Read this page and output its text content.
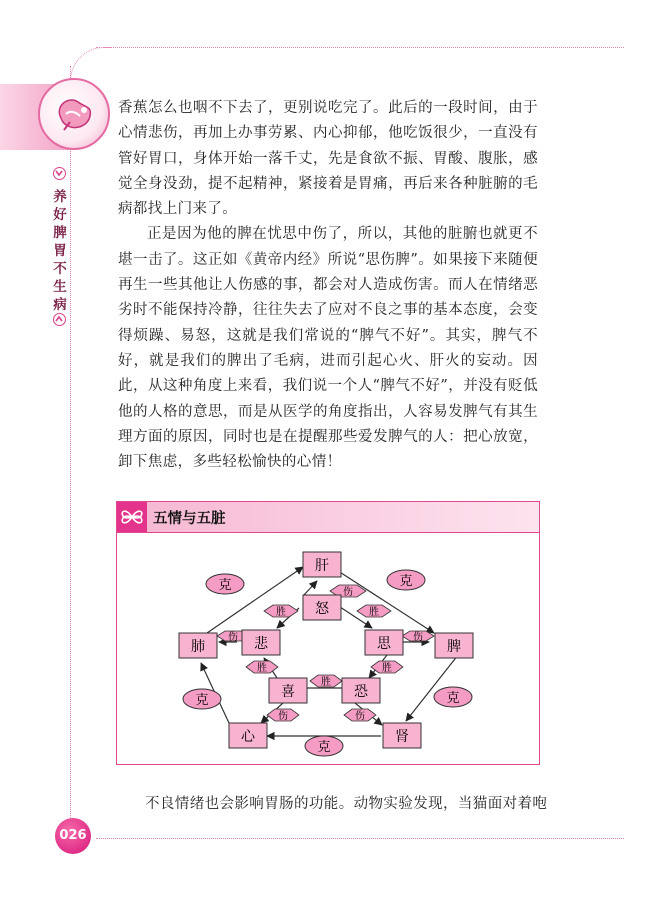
养
好
脾
胃
不
生
病

香蕉怎么也咽不下去了，更别说吃完了。此后的一段时间，由于心情悲伤，再加上办事劳累、内心抑郁，他吃饭很少，一直没有管好胃口，身体开始一落千丈，先是食欲不振、胃酸、腹胀，感觉全身没劲，提不起精神，紧接着是胃痛，再后来各种脏腑的毛病都找上门来了。

正是因为他的脾在忧思中伤了，所以，其他的脏腑也就更不堪一击了。这正如《黄帝内经》所说“思伤脾”。如果接下来随便再生一些其他让人伤感的事，都会对人造成伤害。而人在情绪恶劣时不能保持冷静，往往失去了应对不良之事的基本态度，会变得烦躁、易怒，这就是我们常说的“脾气不好”。其实，脾气不好，就是我们的脾出了毛病，进而引起心火、肝火的妄动。因此，从这种角度上来看，我们说一个人“脾气不好”，并没有贬低他的人格的意思，而是从医学的角度指出，人容易发脾气有其生理方面的原因，同时也是在提醒那些爱发脾气的人：把心放宽，卸下焦虑，多些轻松愉快的心情！

五情与五脏
克	克
克	克
克
伤
胜	胜
伤	伤
胜	胜
胜
伤	伤
肝
肺	脾
心	肾
怒
悲	思
喜	恐
不良情绪也会影响胃肠的功能。动物实验发现，当猫面对着咆
026
